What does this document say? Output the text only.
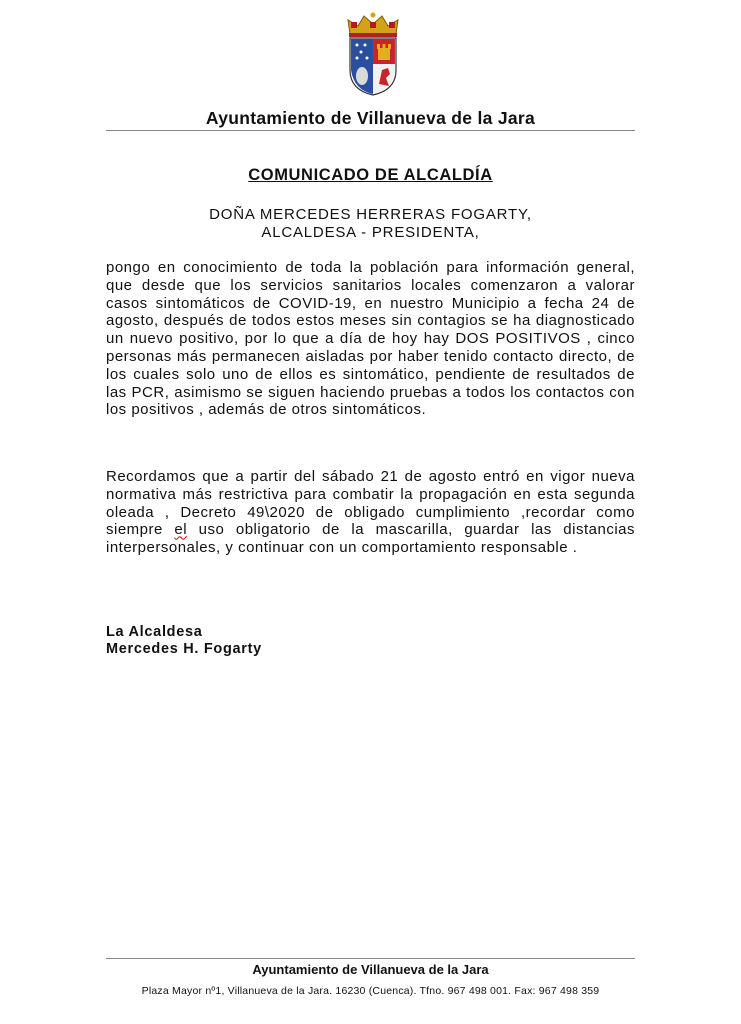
Ayuntamiento de Villanueva de la Jara
COMUNICADO DE ALCALDÍA
DOÑA MERCEDES HERRERAS FOGARTY,
ALCALDESA - PRESIDENTA,

pongo en conocimiento de toda la población para información general, que desde que los servicios sanitarios locales comenzaron a valorar casos sintomáticos de COVID-19, en nuestro Municipio a fecha 24 de agosto, después de todos estos meses sin contagios se ha diagnosticado un nuevo positivo, por lo que a día de hoy hay DOS POSITIVOS , cinco personas más permanecen aisladas por haber tenido contacto directo, de los cuales solo uno de ellos es sintomático, pendiente de resultados de las PCR, asimismo se siguen haciendo pruebas a todos los contactos con los positivos , además de otros sintomáticos.

Recordamos que a partir del sábado 21 de agosto entró en vigor nueva normativa más restrictiva para combatir la propagación en esta segunda oleada , Decreto 49\2020 de obligado cumplimiento ,recordar como siempre el uso obligatorio de la mascarilla, guardar las distancias interpersonales, y continuar con un comportamiento responsable .

La Alcaldesa
Mercedes H. Fogarty
Ayuntamiento de Villanueva de la Jara
Plaza Mayor nº1, Villanueva de la Jara. 16230 (Cuenca). Tfno. 967 498 001. Fax: 967 498 359
